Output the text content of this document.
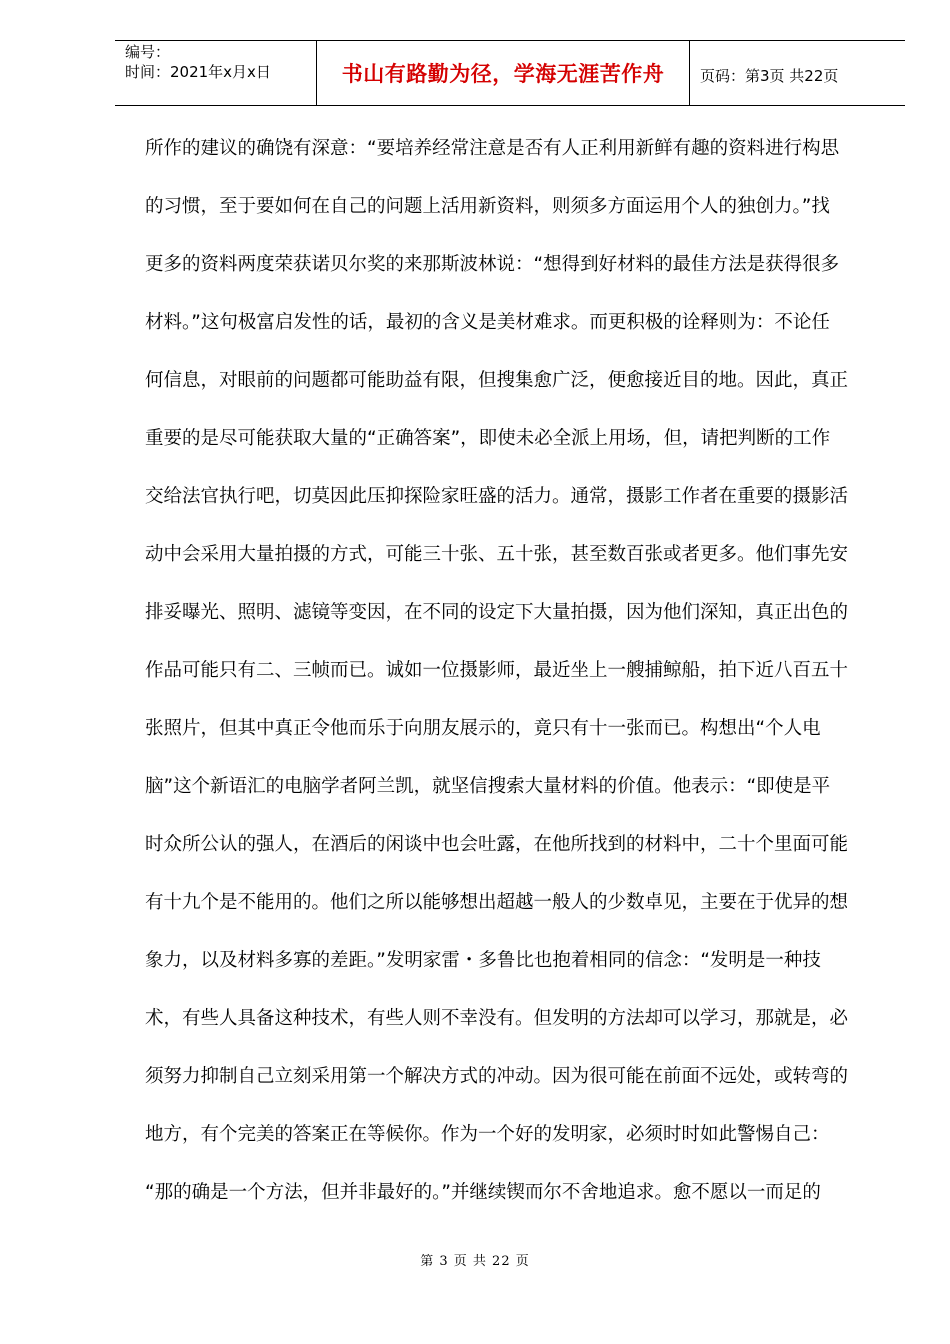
编号：
时间：2021年x月x日	书山有路勤为径，学海无涯苦作舟	页码：第3页 共22页
所作的建议的确饶有深意：“要培养经常注意是否有人正利用新鲜有趣的资料进行构思
的习惯，至于要如何在自己的问题上活用新资料，则须多方面运用个人的独创力。”找
更多的资料两度荣获诺贝尔奖的来那斯波林说：“想得到好材料的最佳方法是获得很多
材料。”这句极富启发性的话，最初的含义是美材难求。而更积极的诠释则为：不论任
何信息，对眼前的问题都可能助益有限，但搜集愈广泛，便愈接近目的地。因此，真正
重要的是尽可能获取大量的“正确答案”，即使未必全派上用场，但，请把判断的工作
交给法官执行吧，切莫因此压抑探险家旺盛的活力。通常，摄影工作者在重要的摄影活
动中会采用大量拍摄的方式，可能三十张、五十张，甚至数百张或者更多。他们事先安
排妥曝光、照明、滤镜等变因，在不同的设定下大量拍摄，因为他们深知，真正出色的
作品可能只有二、三帧而已。诚如一位摄影师，最近坐上一艘捕鲸船，拍下近八百五十
张照片，但其中真正令他而乐于向朋友展示的，竟只有十一张而已。构想出“个人电
脑”这个新语汇的电脑学者阿兰凯，就坚信搜索大量材料的价值。他表示：“即使是平
时众所公认的强人，在酒后的闲谈中也会吐露，在他所找到的材料中，二十个里面可能
有十九个是不能用的。他们之所以能够想出超越一般人的少数卓见，主要在于优异的想
象力，以及材料多寡的差距。”发明家雷・多鲁比也抱着相同的信念：“发明是一种技
术，有些人具备这种技术，有些人则不幸没有。但发明的方法却可以学习，那就是，必
须努力抑制自己立刻采用第一个解决方式的冲动。因为很可能在前面不远处，或转弯的
地方，有个完美的答案正在等候你。作为一个好的发明家，必须时时如此警惕自己：
“那的确是一个方法，但并非最好的。”并继续锲而尔不舍地追求。愈不愿以一而足的
第 3 页 共 22 页
